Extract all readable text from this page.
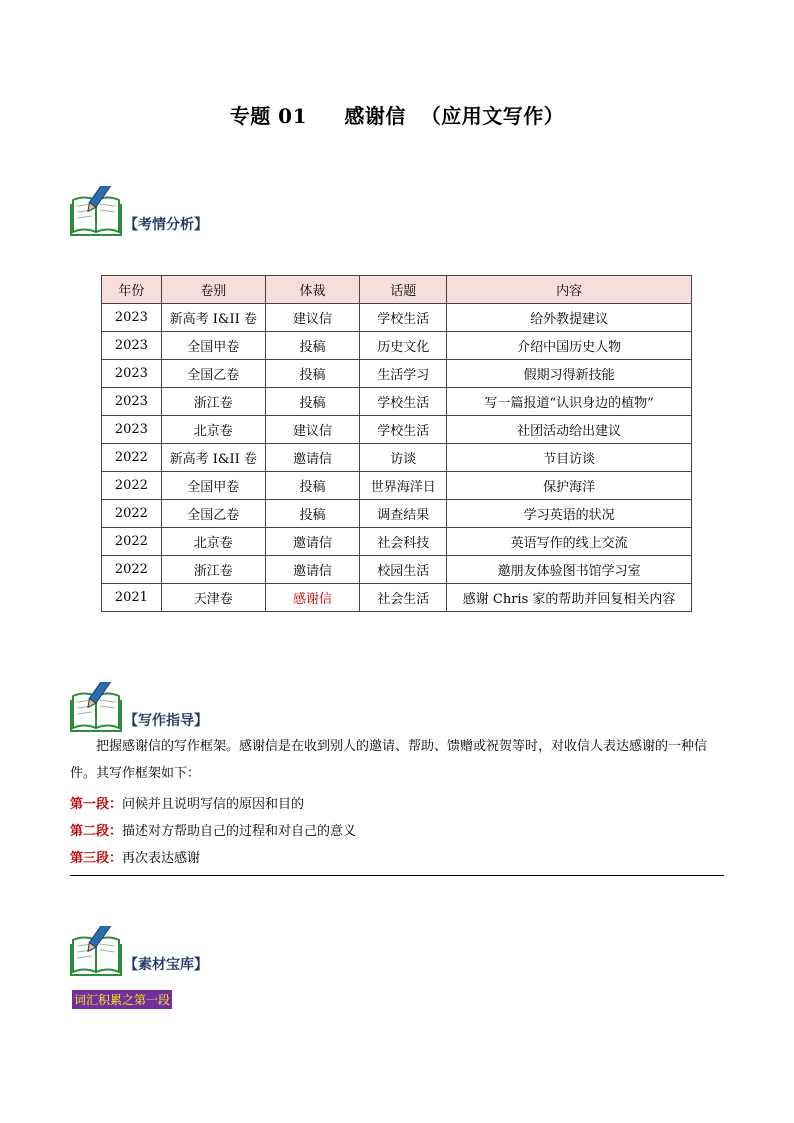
专题 01     感谢信  （应用文写作）
【考情分析】
年份	卷别	体裁	话题	内容
2023	新高考 I&II 卷	建议信	学校生活	给外教提建议
2023	全国甲卷	投稿	历史文化	介绍中国历史人物
2023	全国乙卷	投稿	生活学习	假期习得新技能
2023	浙江卷	投稿	学校生活	写一篇报道“认识身边的植物”
2023	北京卷	建议信	学校生活	社团活动给出建议
2022	新高考 I&II 卷	邀请信	访谈	节目访谈
2022	全国甲卷	投稿	世界海洋日	保护海洋
2022	全国乙卷	投稿	调查结果	学习英语的状况
2022	北京卷	邀请信	社会科技	英语写作的线上交流
2022	浙江卷	邀请信	校园生活	邀朋友体验图书馆学习室
2021	天津卷	感谢信	社会生活	感谢 Chris 家的帮助并回复相关内容
【写作指导】
把握感谢信的写作框架。感谢信是在收到别人的邀请、帮助、馈赠或祝贺等时，对收信人表达感谢的一种信件。其写作框架如下：
第一段：问候并且说明写信的原因和目的
第二段：描述对方帮助自己的过程和对自己的意义
第三段：再次表达感谢
【素材宝库】
词汇积累之第一段
